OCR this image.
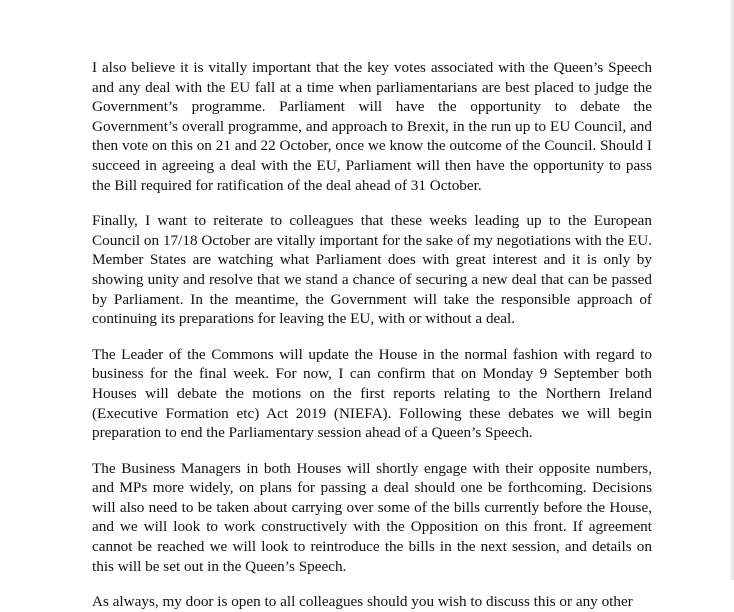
I also believe it is vitally important that the key votes associated with the Queen’s Speech and any deal with the EU fall at a time when parliamentarians are best placed to judge the Government’s programme. Parliament will have the opportunity to debate the Government’s overall programme, and approach to Brexit, in the run up to EU Council, and then vote on this on 21 and 22 October, once we know the outcome of the Council. Should I succeed in agreeing a deal with the EU, Parliament will then have the opportunity to pass the Bill required for ratification of the deal ahead of 31 October.

Finally, I want to reiterate to colleagues that these weeks leading up to the European Council on 17/18 October are vitally important for the sake of my negotiations with the EU. Member States are watching what Parliament does with great interest and it is only by showing unity and resolve that we stand a chance of securing a new deal that can be passed by Parliament. In the meantime, the Government will take the responsible approach of continuing its preparations for leaving the EU, with or without a deal.

The Leader of the Commons will update the House in the normal fashion with regard to business for the final week. For now, I can confirm that on Monday 9 September both Houses will debate the motions on the first reports relating to the Northern Ireland (Executive Formation etc) Act 2019 (NIEFA). Following these debates we will begin preparation to end the Parliamentary session ahead of a Queen’s Speech.

The Business Managers in both Houses will shortly engage with their opposite numbers, and MPs more widely, on plans for passing a deal should one be forthcoming. Decisions will also need to be taken about carrying over some of the bills currently before the House, and we will look to work constructively with the Opposition on this front. If agreement cannot be reached we will look to reintroduce the bills in the next session, and details on this will be set out in the Queen’s Speech.

As always, my door is open to all colleagues should you wish to discuss this or any other
